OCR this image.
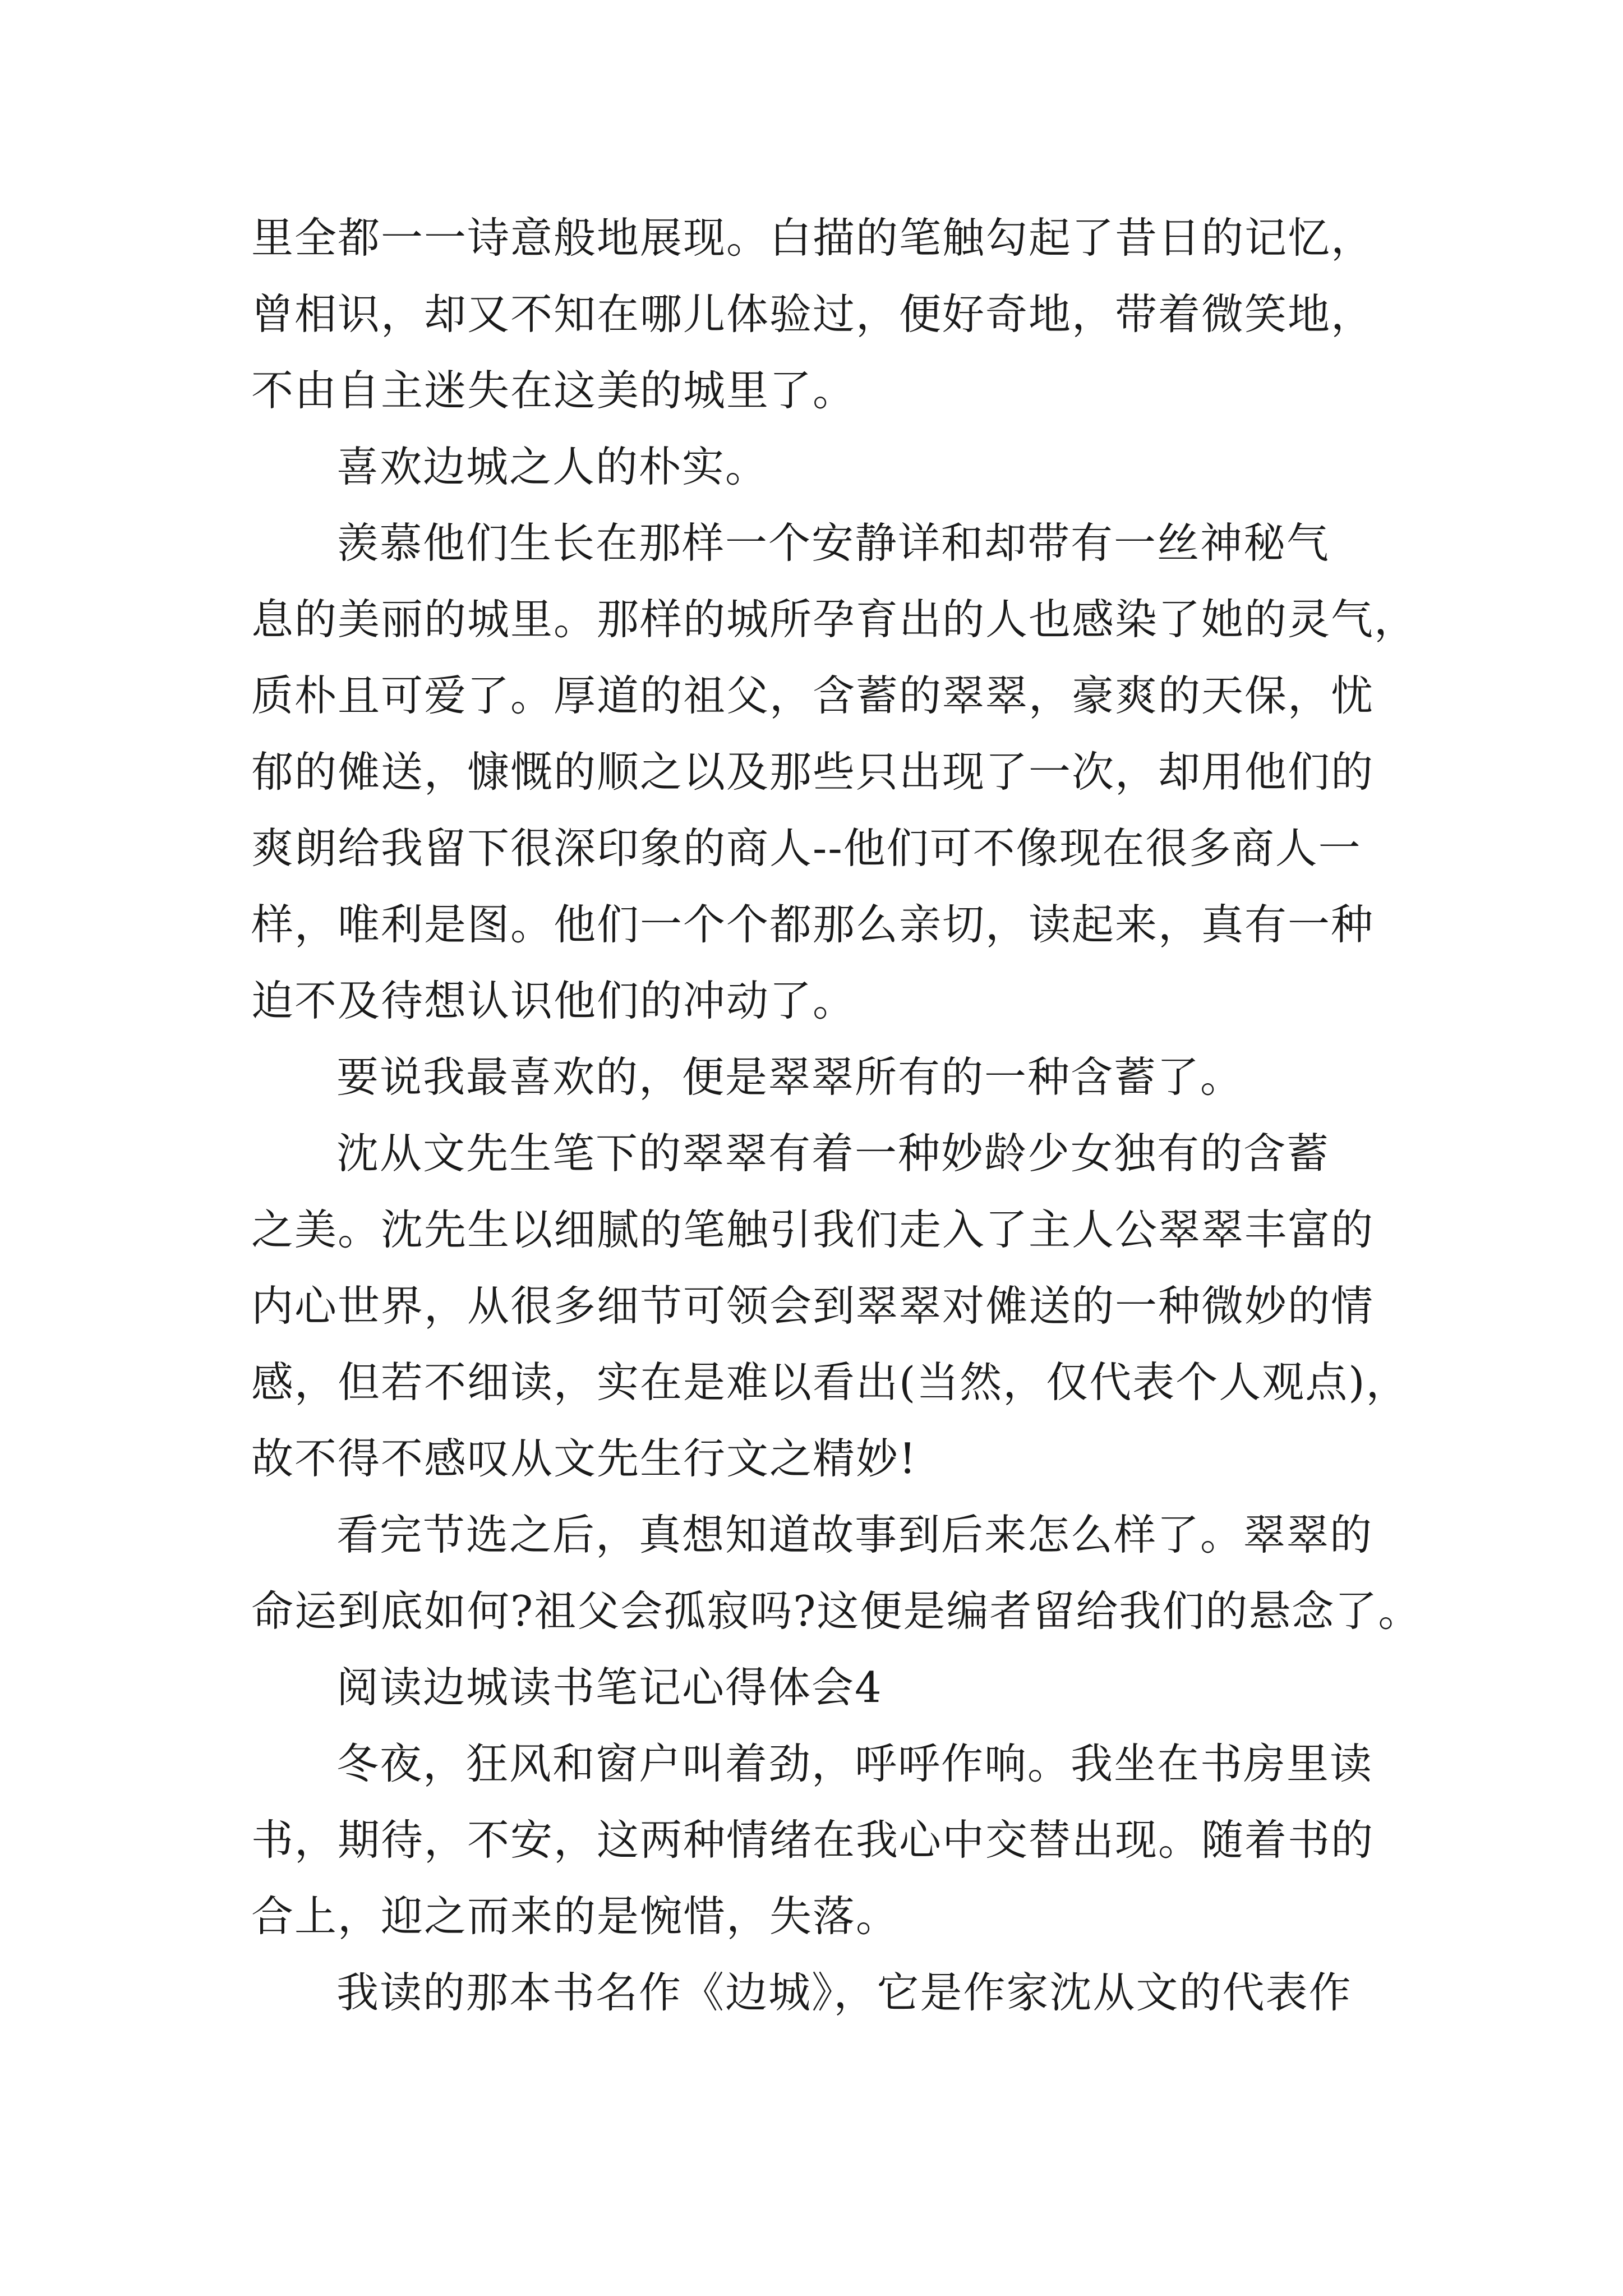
里全都一一诗意般地展现。白描的笔触勾起了昔日的记忆，

曾相识，却又不知在哪儿体验过，便好奇地，带着微笑地，

不由自主迷失在这美的城里了。

喜欢边城之人的朴实。

羡慕他们生长在那样一个安静详和却带有一丝神秘气

息的美丽的城里。那样的城所孕育出的人也感染了她的灵气，

质朴且可爱了。厚道的祖父，含蓄的翠翠，豪爽的天保，忧

郁的傩送，慷慨的顺之以及那些只出现了一次，却用他们的

爽朗给我留下很深印象的商人--他们可不像现在很多商人一

样，唯利是图。他们一个个都那么亲切，读起来，真有一种

迫不及待想认识他们的冲动了。

要说我最喜欢的，便是翠翠所有的一种含蓄了。

沈从文先生笔下的翠翠有着一种妙龄少女独有的含蓄

之美。沈先生以细腻的笔触引我们走入了主人公翠翠丰富的

内心世界，从很多细节可领会到翠翠对傩送的一种微妙的情

感，但若不细读，实在是难以看出(当然，仅代表个人观点)，

故不得不感叹从文先生行文之精妙!

看完节选之后，真想知道故事到后来怎么样了。翠翠的

命运到底如何?祖父会孤寂吗?这便是编者留给我们的悬念了。

阅读边城读书笔记心得体会4

冬夜，狂风和窗户叫着劲，呼呼作响。我坐在书房里读

书，期待，不安，这两种情绪在我心中交替出现。随着书的

合上，迎之而来的是惋惜，失落。

我读的那本书名作《边城》，它是作家沈从文的代表作
